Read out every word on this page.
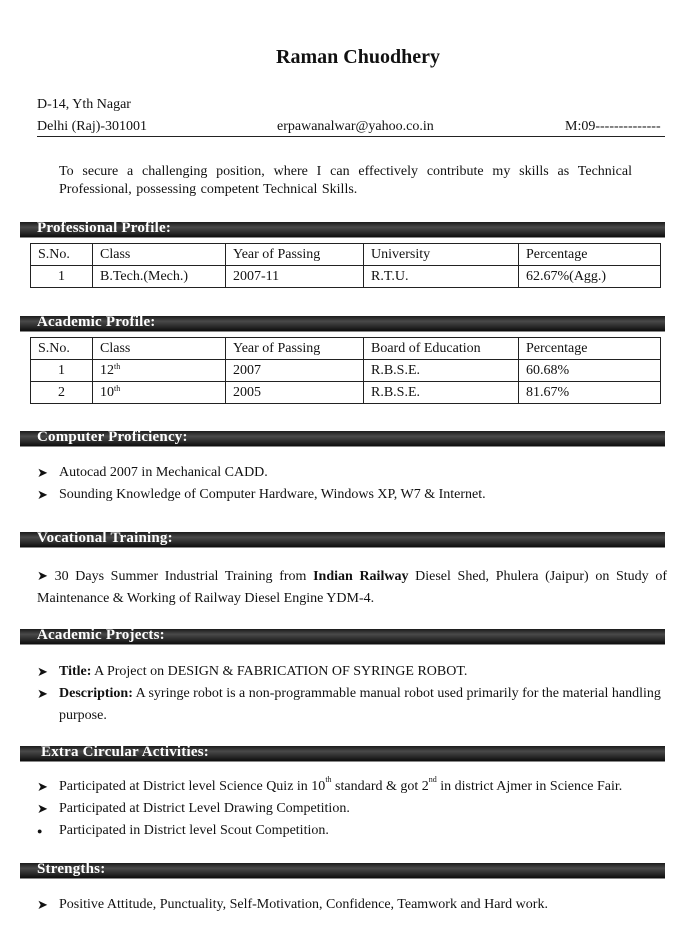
Raman Chuodhery
D-14, Yth Nagar
Delhi (Raj)-301001	erpawanalwar@yahoo.co.in	M:09--------------
To secure a challenging position, where I can effectively contribute my skills as Technical Professional, possessing competent Technical Skills.
Professional Profile:
S.No.	Class	Year of Passing	University	Percentage
1	B.Tech.(Mech.)	2007-11	R.T.U.	62.67%(Agg.)
Academic Profile:
S.No.	Class	Year of Passing	Board of Education	Percentage
1	12th	2007	R.B.S.E.	60.68%
2	10th	2005	R.B.S.E.	81.67%
Computer Proficiency:
➤ Autocad 2007 in Mechanical CADD.
➤ Sounding Knowledge of Computer Hardware, Windows XP, W7 & Internet.
Vocational Training:
➤ 30 Days Summer Industrial Training from Indian Railway Diesel Shed, Phulera (Jaipur) on Study of Maintenance & Working of Railway Diesel Engine YDM-4.
Academic Projects:
➤ Title: A Project on DESIGN & FABRICATION OF SYRINGE ROBOT.
➤ Description: A syringe robot is a non-programmable manual robot used primarily for the material handling purpose.
Extra Circular Activities:
➤ Participated at District level Science Quiz in 10th standard & got 2nd in district Ajmer in Science Fair.
➤ Participated at District Level Drawing Competition.
● Participated in District level Scout Competition.
Strengths:
➤ Positive Attitude, Punctuality, Self-Motivation, Confidence, Teamwork and Hard work.
